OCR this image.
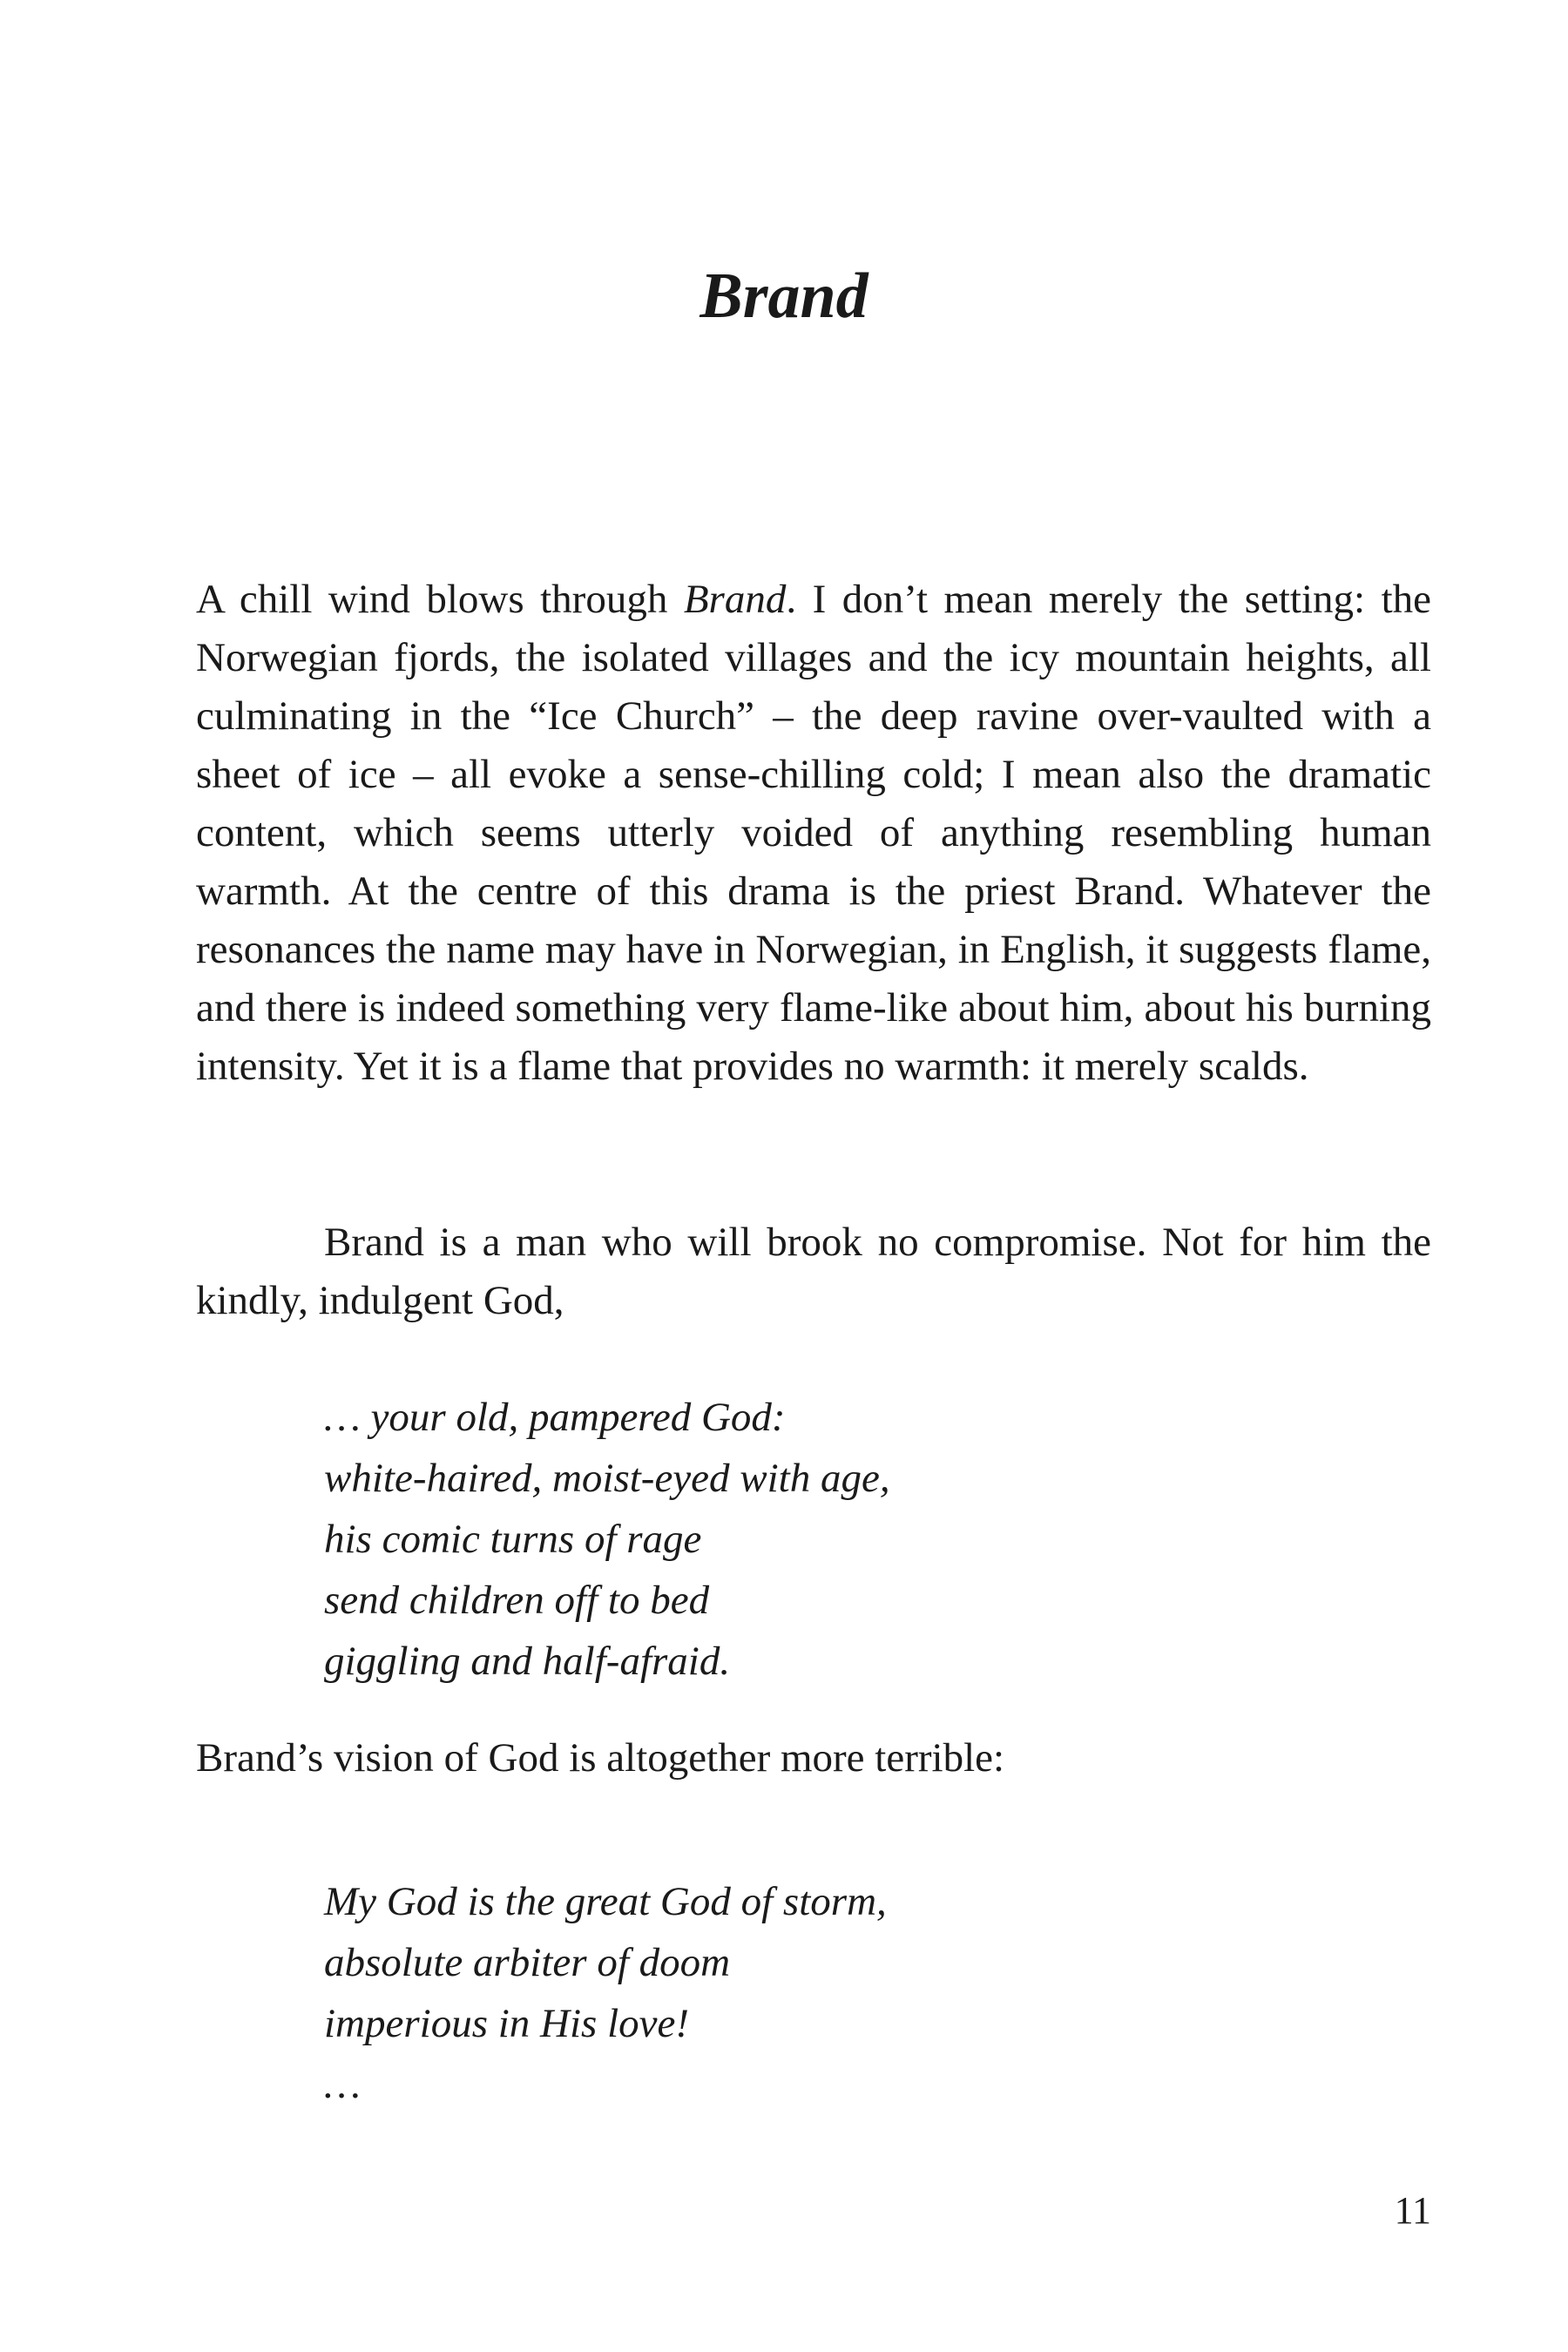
Brand

A chill wind blows through Brand. I don’t mean merely the setting: the Norwegian fjords, the isolated villages and the icy mountain heights, all culminating in the “Ice Church” – the deep ravine over-vaulted with a sheet of ice – all evoke a sense-chilling cold; I mean also the dramatic content, which seems utterly voided of anything resembling human warmth. At the centre of this drama is the priest Brand. Whatever the resonances the name may have in Norwegian, in English, it suggests flame, and there is indeed something very flame-like about him, about his burning intensity. Yet it is a flame that provides no warmth: it merely scalds.

Brand is a man who will brook no compromise. Not for him the kindly, indulgent God,

… your old, pampered God:
white-haired, moist-eyed with age,
his comic turns of rage
send children off to bed
giggling and half-afraid.

Brand’s vision of God is altogether more terrible:

My God is the great God of storm,
absolute arbiter of doom
imperious in His love!
…
11
